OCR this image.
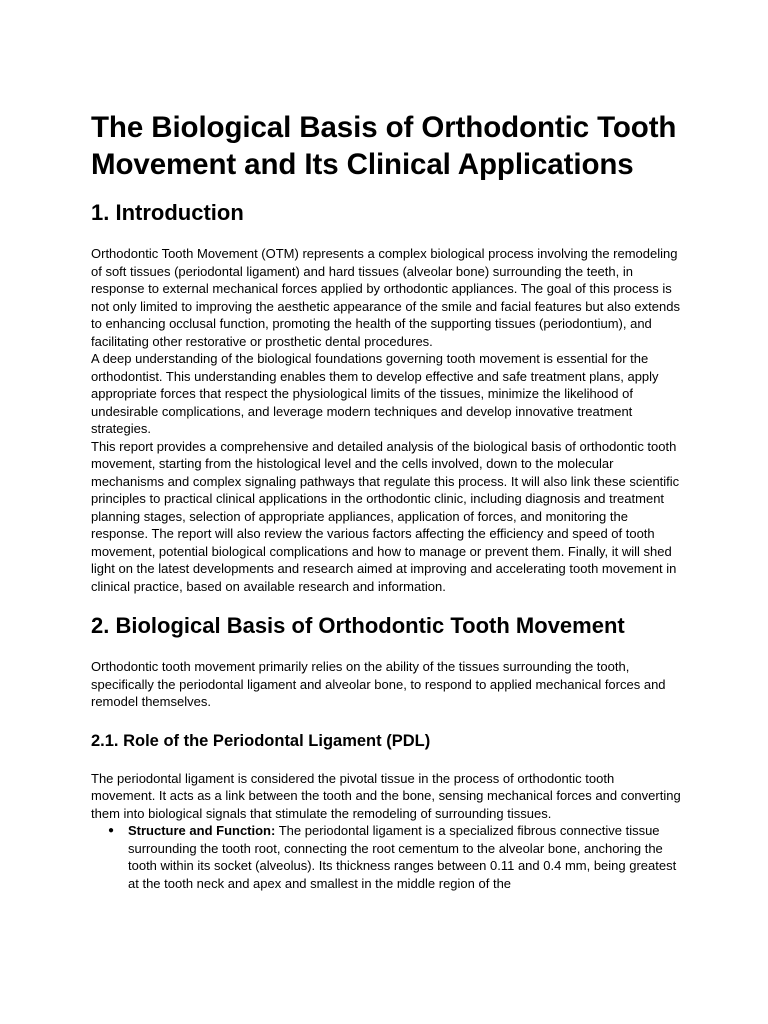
The Biological Basis of Orthodontic Tooth Movement and Its Clinical Applications
1. Introduction

Orthodontic Tooth Movement (OTM) represents a complex biological process involving the remodeling of soft tissues (periodontal ligament) and hard tissues (alveolar bone) surrounding the teeth, in response to external mechanical forces applied by orthodontic appliances. The goal of this process is not only limited to improving the aesthetic appearance of the smile and facial features but also extends to enhancing occlusal function, promoting the health of the supporting tissues (periodontium), and facilitating other restorative or prosthetic dental procedures.

A deep understanding of the biological foundations governing tooth movement is essential for the orthodontist. This understanding enables them to develop effective and safe treatment plans, apply appropriate forces that respect the physiological limits of the tissues, minimize the likelihood of undesirable complications, and leverage modern techniques and develop innovative treatment strategies.

This report provides a comprehensive and detailed analysis of the biological basis of orthodontic tooth movement, starting from the histological level and the cells involved, down to the molecular mechanisms and complex signaling pathways that regulate this process. It will also link these scientific principles to practical clinical applications in the orthodontic clinic, including diagnosis and treatment planning stages, selection of appropriate appliances, application of forces, and monitoring the response. The report will also review the various factors affecting the efficiency and speed of tooth movement, potential biological complications and how to manage or prevent them. Finally, it will shed light on the latest developments and research aimed at improving and accelerating tooth movement in clinical practice, based on available research and information.

2. Biological Basis of Orthodontic Tooth Movement

Orthodontic tooth movement primarily relies on the ability of the tissues surrounding the tooth, specifically the periodontal ligament and alveolar bone, to respond to applied mechanical forces and remodel themselves.

2.1. Role of the Periodontal Ligament (PDL)

The periodontal ligament is considered the pivotal tissue in the process of orthodontic tooth movement. It acts as a link between the tooth and the bone, sensing mechanical forces and converting them into biological signals that stimulate the remodeling of surrounding tissues.

● Structure and Function: The periodontal ligament is a specialized fibrous connective tissue surrounding the tooth root, connecting the root cementum to the alveolar bone, anchoring the tooth within its socket (alveolus). Its thickness ranges between 0.11 and 0.4 mm, being greatest at the tooth neck and apex and smallest in the middle region of the
